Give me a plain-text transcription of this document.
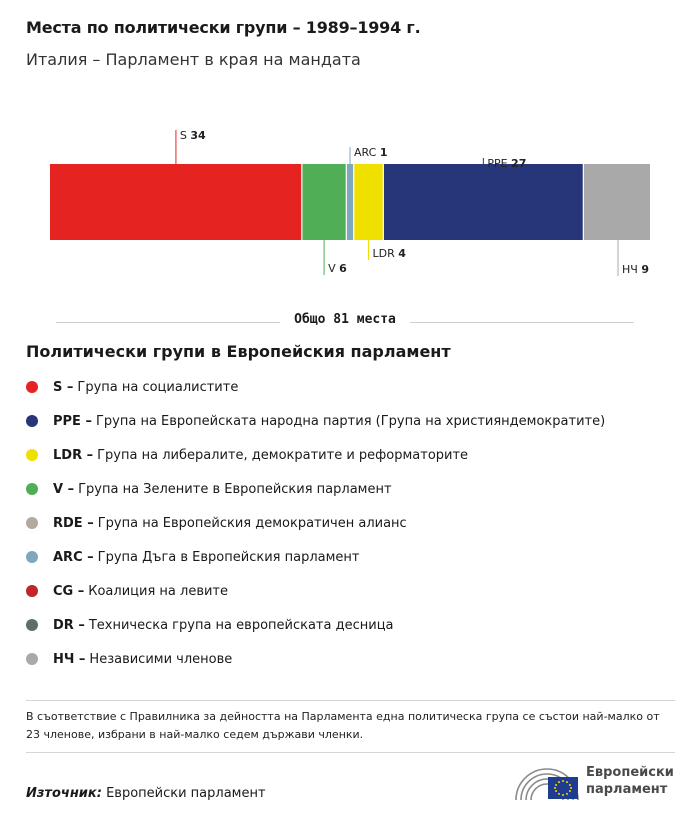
Места по политически групи – 1989–1994 г.
Италия – Парламент в края на мандата
S 34
V 6
ARC 1
LDR 4
PPE 27
НЧ 9
Общо 81 места
Политически групи в Европейския парламент
S – Група на социалистите
PPE – Група на Европейската народна партия (Група на християндемократите)
LDR – Група на либералите, демократите и реформаторите
V – Група на Зелените в Европейския парламент
RDE – Група на Европейския демократичен алианс
ARC – Група Дъга в Европейския парламент
CG – Коалиция на левите
DR – Техническа група на европейската десница
НЧ – Независими членове

В съответствие с Правилника за дейността на Парламента една политическа група се състои най-малко от 23 членове, избрани в най-малко седем държави членки.

Източник: Европейски парламент
Европейски
парламент
